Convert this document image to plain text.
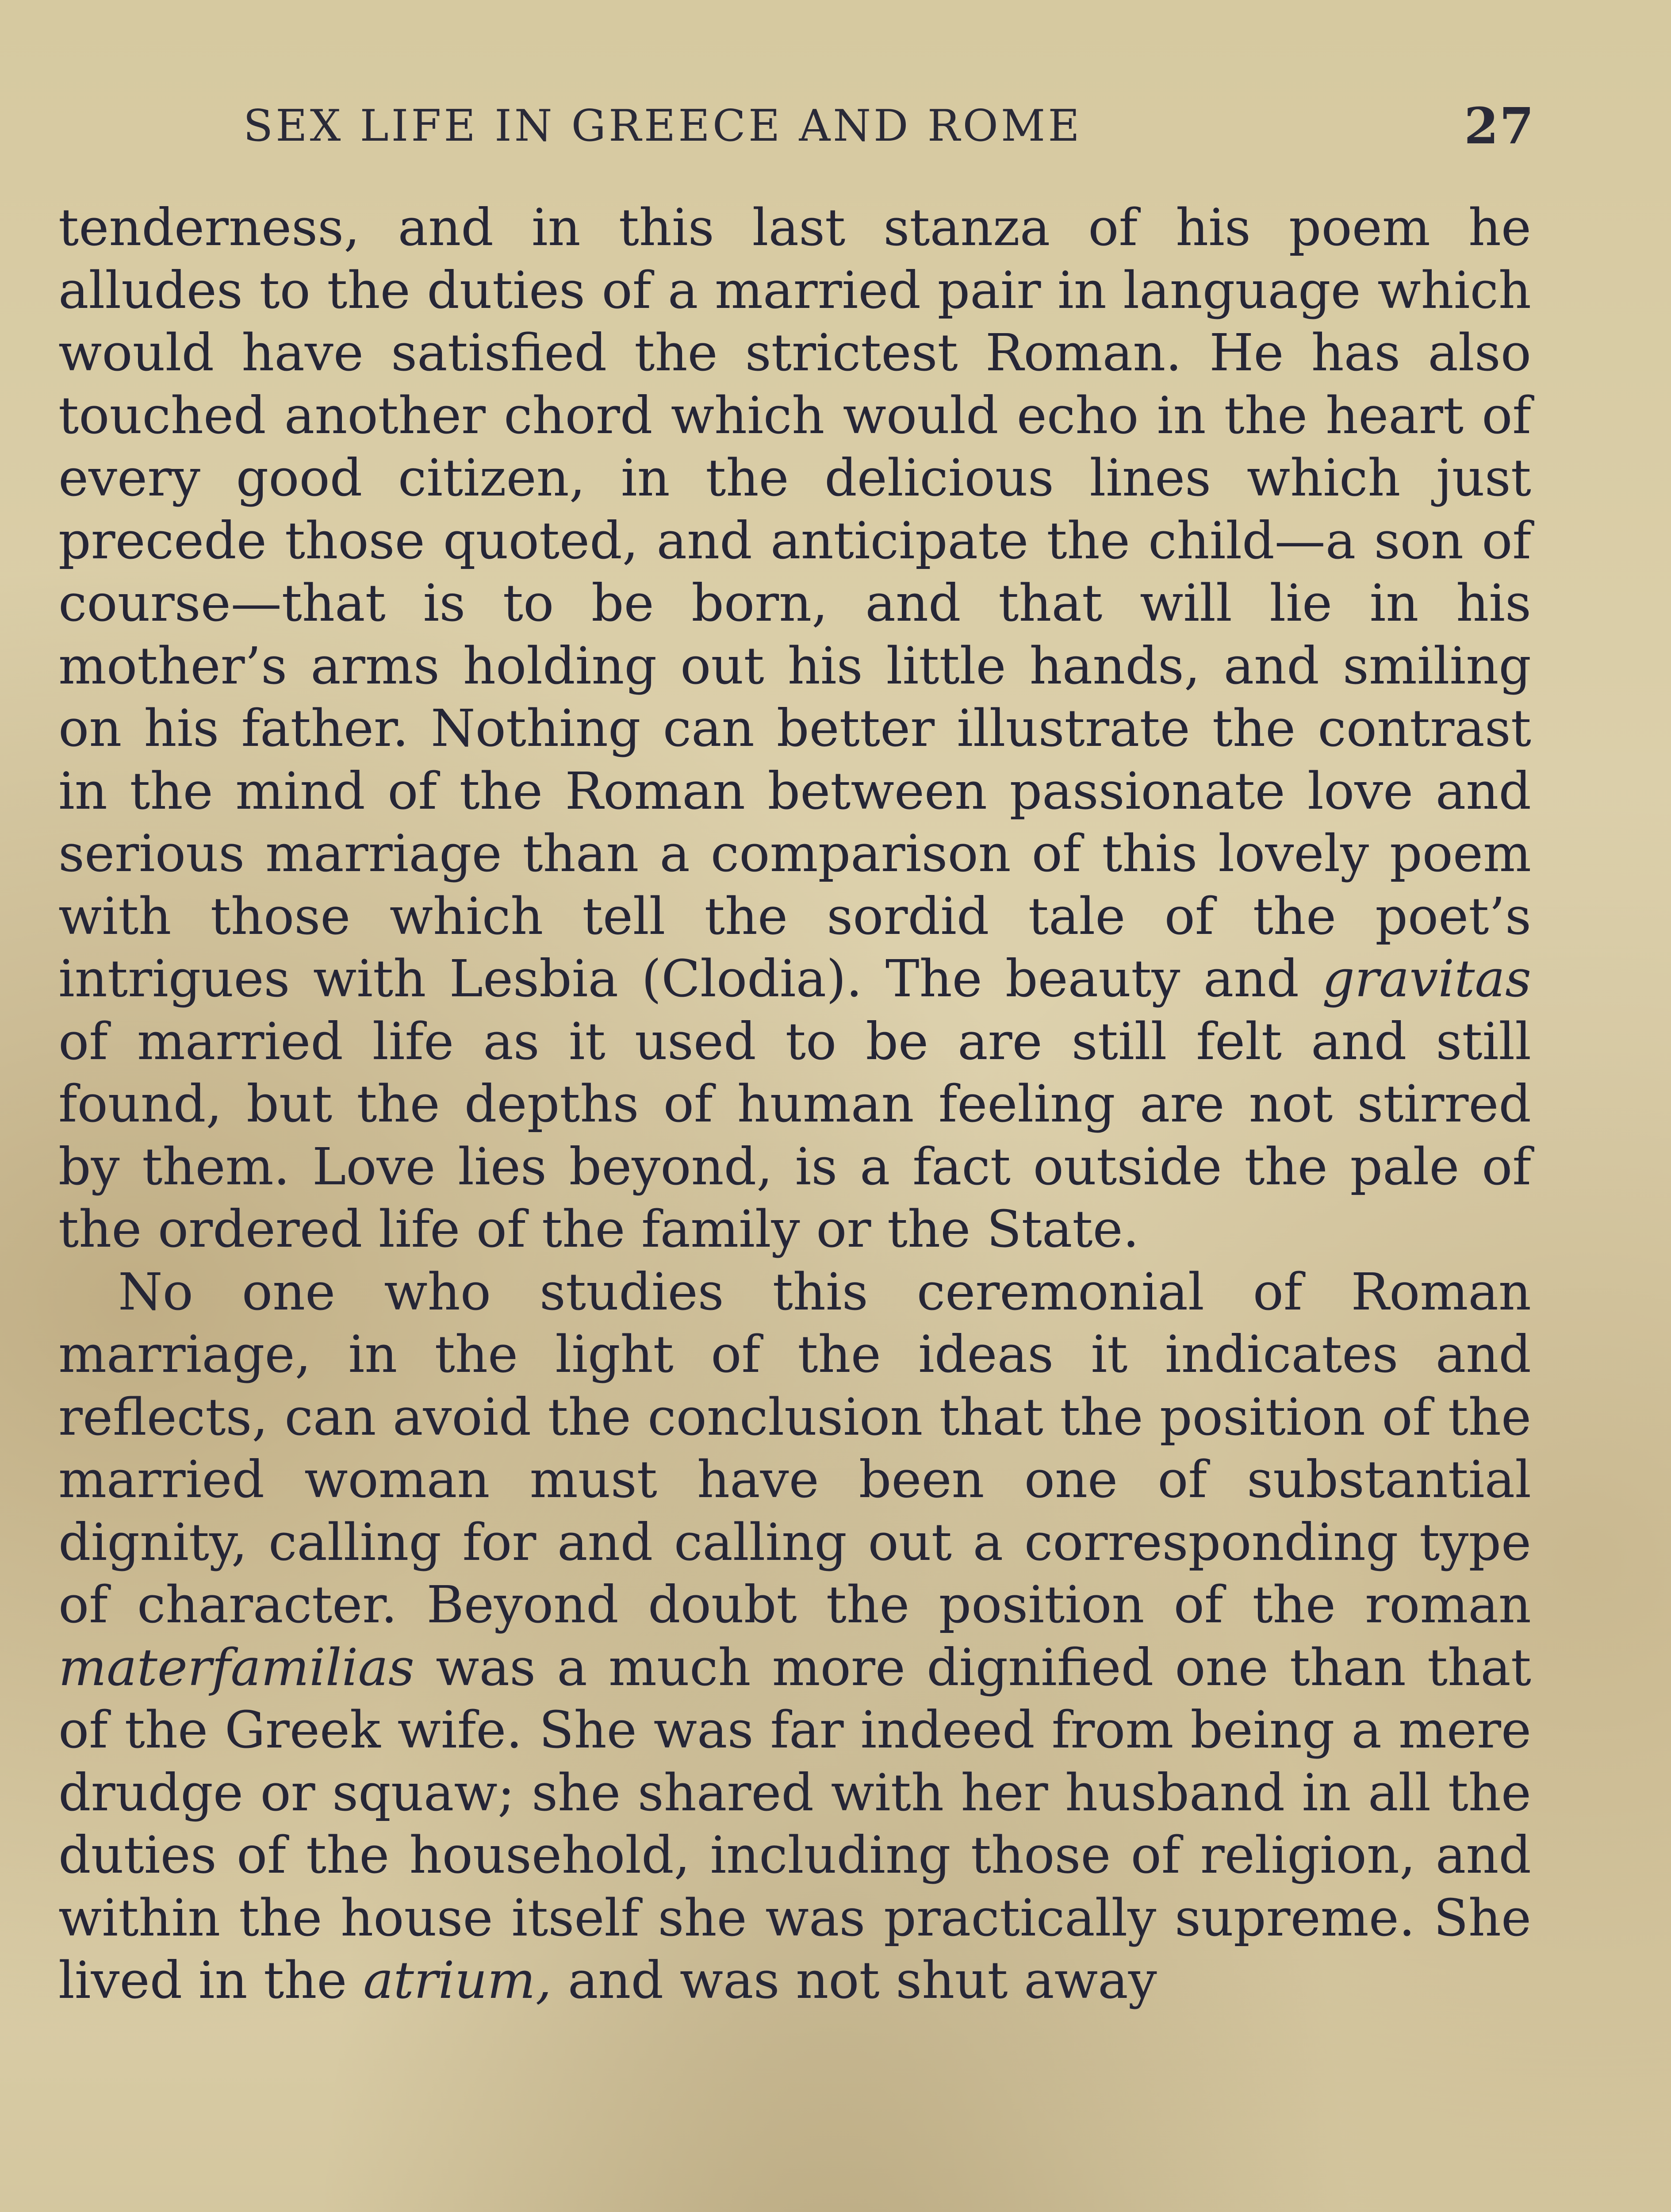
SEX LIFE IN GREECE AND ROME	27

tenderness, and in this last stanza of his poem he alludes to the duties of a married pair in language which would have satisfied the strictest Roman. He has also touched another chord which would echo in the heart of every good citizen, in the delicious lines which just precede those quoted, and anticipate the child—a son of course—that is to be born, and that will lie in his mother’s arms holding out his little hands, and smiling on his father. Nothing can better illustrate the contrast in the mind of the Roman between passionate love and serious marriage than a comparison of this lovely poem with those which tell the sordid tale of the poet’s intrigues with Lesbia (Clodia). The beauty and gravitas of married life as it used to be are still felt and still found, but the depths of human feeling are not stirred by them. Love lies beyond, is a fact outside the pale of the ordered life of the family or the State.

No one who studies this ceremonial of Roman marriage, in the light of the ideas it indicates and reflects, can avoid the conclusion that the position of the married woman must have been one of substantial dignity, calling for and calling out a corresponding type of character. Beyond doubt the position of the roman materfamilias was a much more dignified one than that of the Greek wife. She was far indeed from being a mere drudge or squaw; she shared with her husband in all the duties of the household, including those of religion, and within the house itself she was practically supreme. She lived in the atrium, and was not shut away
